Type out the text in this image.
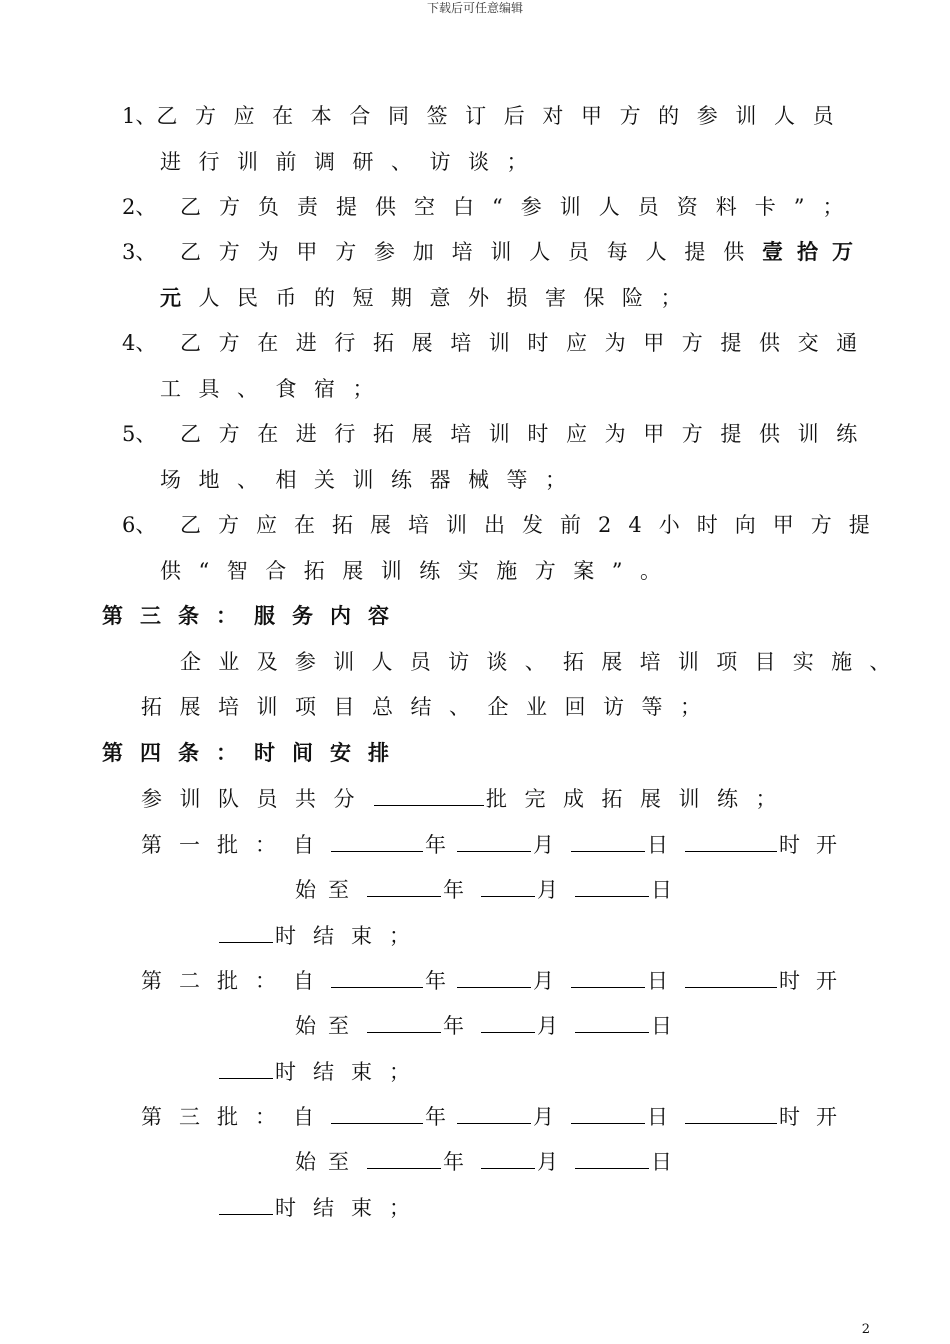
下载后可任意编辑
1、 乙方应在本合同签订后对甲方的参训人员
进行训前调研、访谈；
2、 乙方负责提供空白“参训人员资料卡”；
3、 乙方为甲方参加培训人员每人提供壹拾万
元人民币的短期意外损害保险；
4、 乙方在进行拓展培训时应为甲方提供交通
工具、食宿；
5、 乙方在进行拓展培训时应为甲方提供训练
场地、相关训练器械等；
6、 乙方应在拓展培训出发前24小时向甲方提
供“智合拓展训练实施方案”。
第三条：服务内容
企业及参训人员访谈、拓展培训项目实施、
拓展培训项目总结、企业回访等；
第四条：时间安排
参训队员共分	批完成拓展训练；
第一批：自	年	月	日	时开
始至	年	月	日
时结束；
第二批：自	年	月	日	时开
始至	年	月	日
时结束；
第三批：自	年	月	日	时开
始至	年	月	日
时结束；
2
